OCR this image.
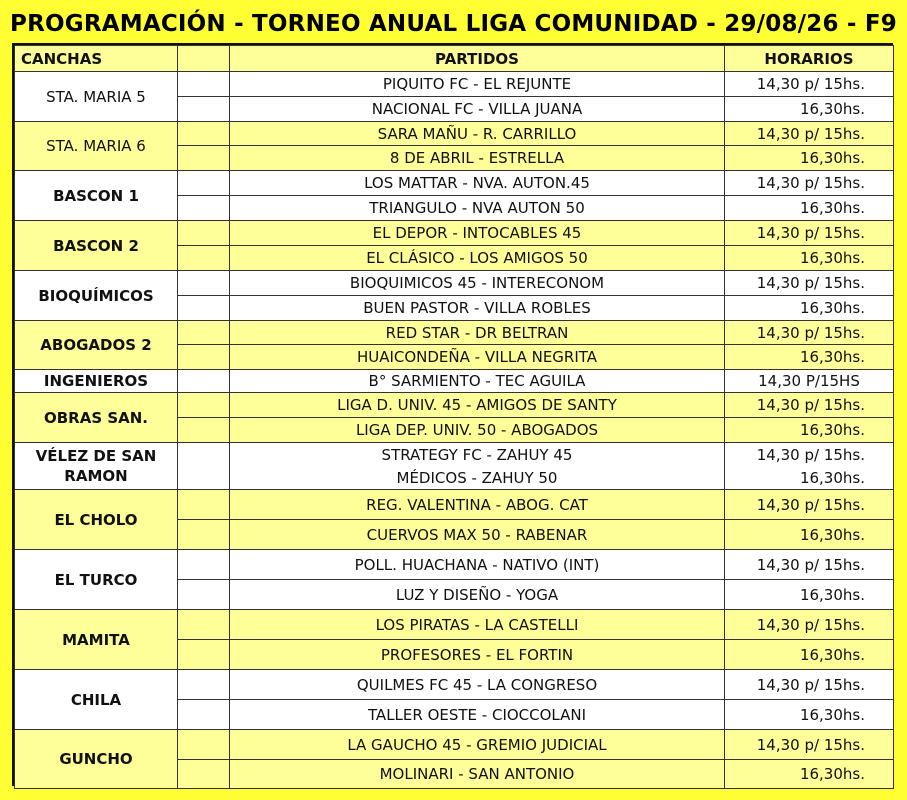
PROGRAMACIÓN - TORNEO ANUAL LIGA COMUNIDAD - 29/08/26 - F9
CANCHAS		PARTIDOS	HORARIOS
STA. MARIA 5		PIQUITO FC - EL REJUNTE	14,30 p/ 15hs.
		NACIONAL FC - VILLA JUANA	16,30hs.
STA. MARIA 6		SARA MAÑU - R. CARRILLO	14,30 p/ 15hs.
		8 DE ABRIL - ESTRELLA	16,30hs.
BASCON 1		LOS MATTAR - NVA. AUTON.45	14,30 p/ 15hs.
		TRIANGULO - NVA AUTON 50	16,30hs.
BASCON 2		EL DEPOR - INTOCABLES 45	14,30 p/ 15hs.
		EL CLÁSICO - LOS AMIGOS 50	16,30hs.
BIOQUÍMICOS		BIOQUIMICOS 45 - INTERECONOM	14,30 p/ 15hs.
		BUEN PASTOR - VILLA ROBLES	16,30hs.
ABOGADOS 2		RED STAR - DR BELTRAN	14,30 p/ 15hs.
		HUAICONDEÑA - VILLA NEGRITA	16,30hs.
INGENIEROS		B° SARMIENTO - TEC AGUILA	14,30 P/15HS
OBRAS SAN.		LIGA D. UNIV. 45 - AMIGOS DE SANTY	14,30 p/ 15hs.
		LIGA DEP. UNIV. 50 - ABOGADOS	16,30hs.
VÉLEZ DE SAN RAMON		STRATEGY FC - ZAHUY 45	14,30 p/ 15hs.
		MÉDICOS - ZAHUY 50	16,30hs.
EL CHOLO		REG. VALENTINA - ABOG. CAT	14,30 p/ 15hs.
		CUERVOS MAX 50 - RABENAR	16,30hs.
EL TURCO		POLL. HUACHANA - NATIVO (INT)	14,30 p/ 15hs.
		LUZ Y DISEÑO - YOGA	16,30hs.
MAMITA		LOS PIRATAS - LA CASTELLI	14,30 p/ 15hs.
		PROFESORES - EL FORTIN	16,30hs.
CHILA		QUILMES FC 45 - LA CONGRESO	14,30 p/ 15hs.
		TALLER OESTE - CIOCCOLANI	16,30hs.
GUNCHO		LA GAUCHO 45 - GREMIO JUDICIAL	14,30 p/ 15hs.
		MOLINARI - SAN ANTONIO	16,30hs.
